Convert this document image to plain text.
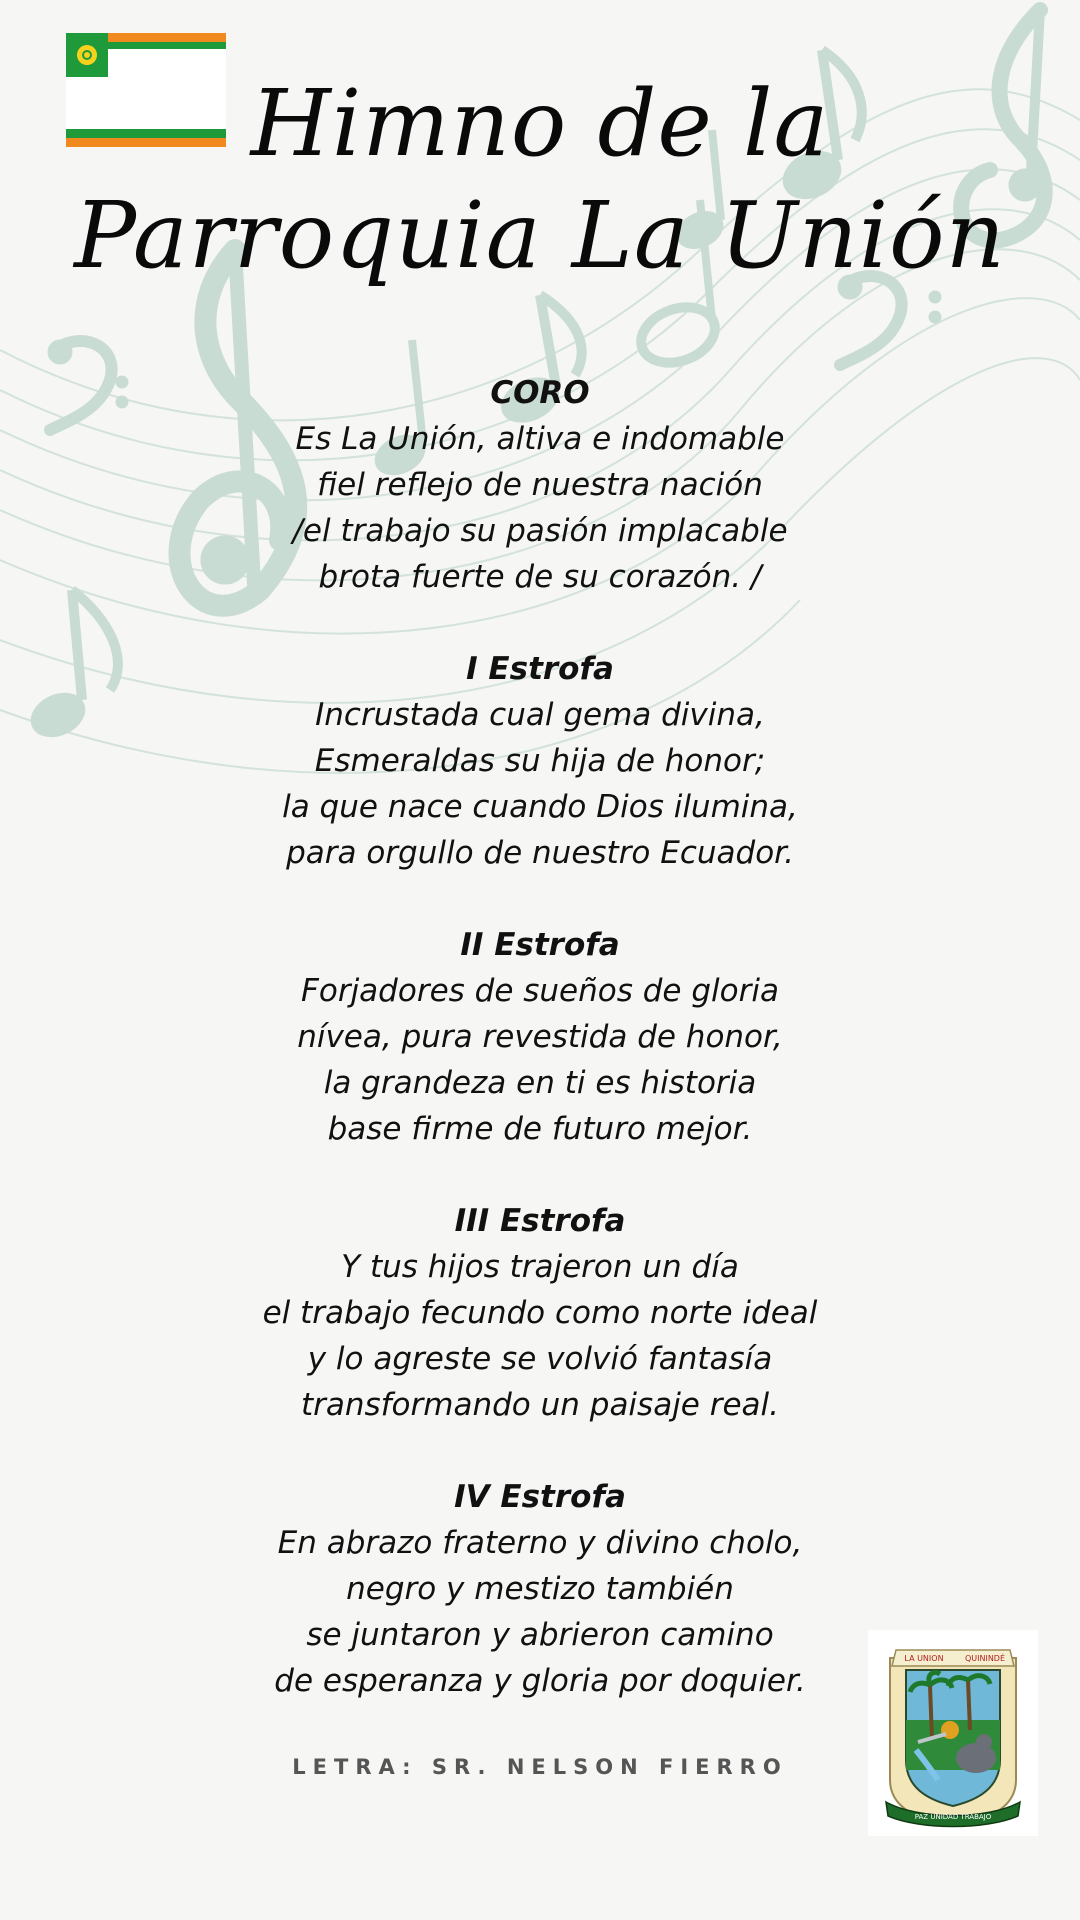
Himno de la
Parroquia La Unión
CORO
Es La Unión, altiva e indomable
fiel reflejo de nuestra nación
/el trabajo su pasión implacable
brota fuerte de su corazón. /
I Estrofa
Incrustada cual gema divina,
Esmeraldas su hija de honor;
la que nace cuando Dios ilumina,
para orgullo de nuestro Ecuador.
II Estrofa
Forjadores de sueños de gloria
nívea, pura revestida de honor,
la grandeza en ti es historia
base firme de futuro mejor.
III Estrofa
Y tus hijos trajeron un día
el trabajo fecundo como norte ideal
y lo agreste se volvió fantasía
transformando un paisaje real.
IV Estrofa
En abrazo fraterno y divino cholo,
negro y mestizo también
se juntaron y abrieron camino
de esperanza y gloria por doquier.
LETRA: SR. NELSON FIERRO
LA UNION	QUININDÉ
PAZ UNIDAD TRABAJO
